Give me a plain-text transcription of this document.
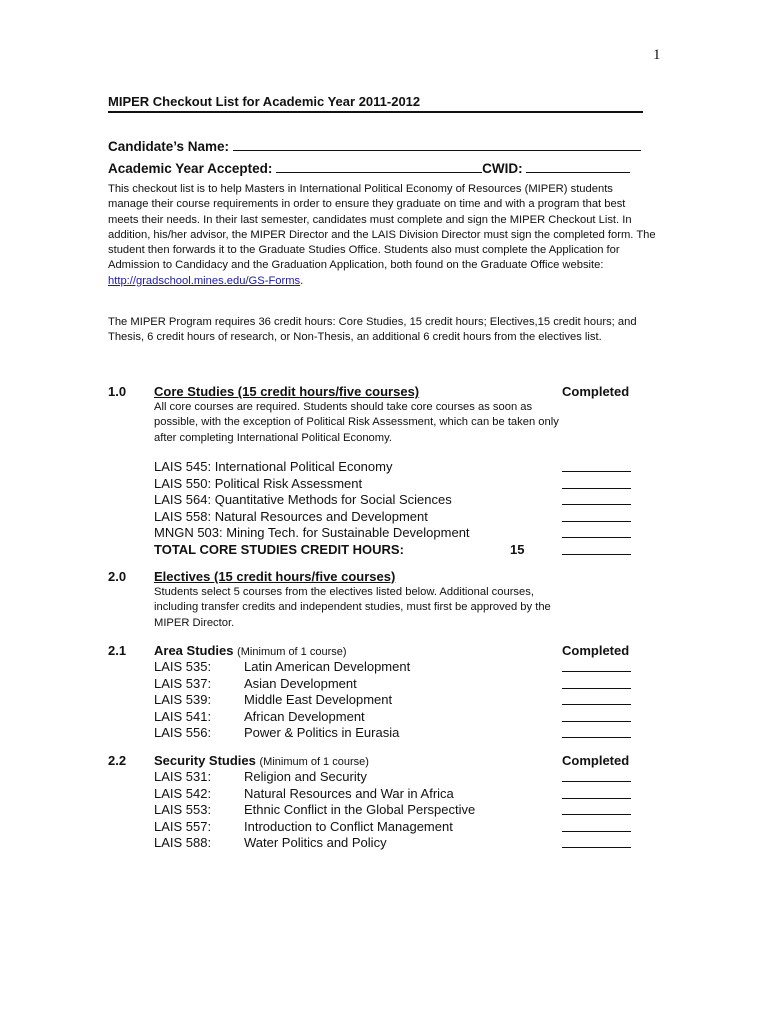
1
MIPER Checkout List for Academic Year 2011-2012
Candidate’s Name:
Academic Year Accepted:	CWID:
This checkout list is to help Masters in International Political Economy of Resources (MIPER) students manage their course requirements in order to ensure they graduate on time and with a program that best meets their needs. In their last semester, candidates must complete and sign the MIPER Checkout List. In addition, his/her advisor, the MIPER Director and the LAIS Division Director must sign the completed form. The student then forwards it to the Graduate Studies Office. Students also must complete the Application for Admission to Candidacy and the Graduation Application, both found on the Graduate Office website: http://gradschool.mines.edu/GS-Forms.
The MIPER Program requires 36 credit hours: Core Studies, 15 credit hours; Electives,15 credit hours; and Thesis, 6 credit hours of research, or Non-Thesis, an additional 6 credit hours from the electives list.
1.0 Core Studies (15 credit hours/five courses)	Completed
All core courses are required. Students should take core courses as soon as possible, with the exception of Political Risk Assessment, which can be taken only after completing International Political Economy.
LAIS 545: International Political Economy
LAIS 550: Political Risk Assessment
LAIS 564: Quantitative Methods for Social Sciences
LAIS 558: Natural Resources and Development
MNGN 503: Mining Tech. for Sustainable Development
TOTAL CORE STUDIES CREDIT HOURS:	15
2.0 Electives (15 credit hours/five courses)
Students select 5 courses from the electives listed below. Additional courses, including transfer credits and independent studies, must first be approved by the MIPER Director.
2.1 Area Studies (Minimum of 1 course)	Completed
LAIS 535:	Latin American Development
LAIS 537:	Asian Development
LAIS 539:	Middle East Development
LAIS 541:	African Development
LAIS 556:	Power & Politics in Eurasia
2.2 Security Studies (Minimum of 1 course)	Completed
LAIS 531:	Religion and Security
LAIS 542:	Natural Resources and War in Africa
LAIS 553:	Ethnic Conflict in the Global Perspective
LAIS 557:	Introduction to Conflict Management
LAIS 588:	Water Politics and Policy
